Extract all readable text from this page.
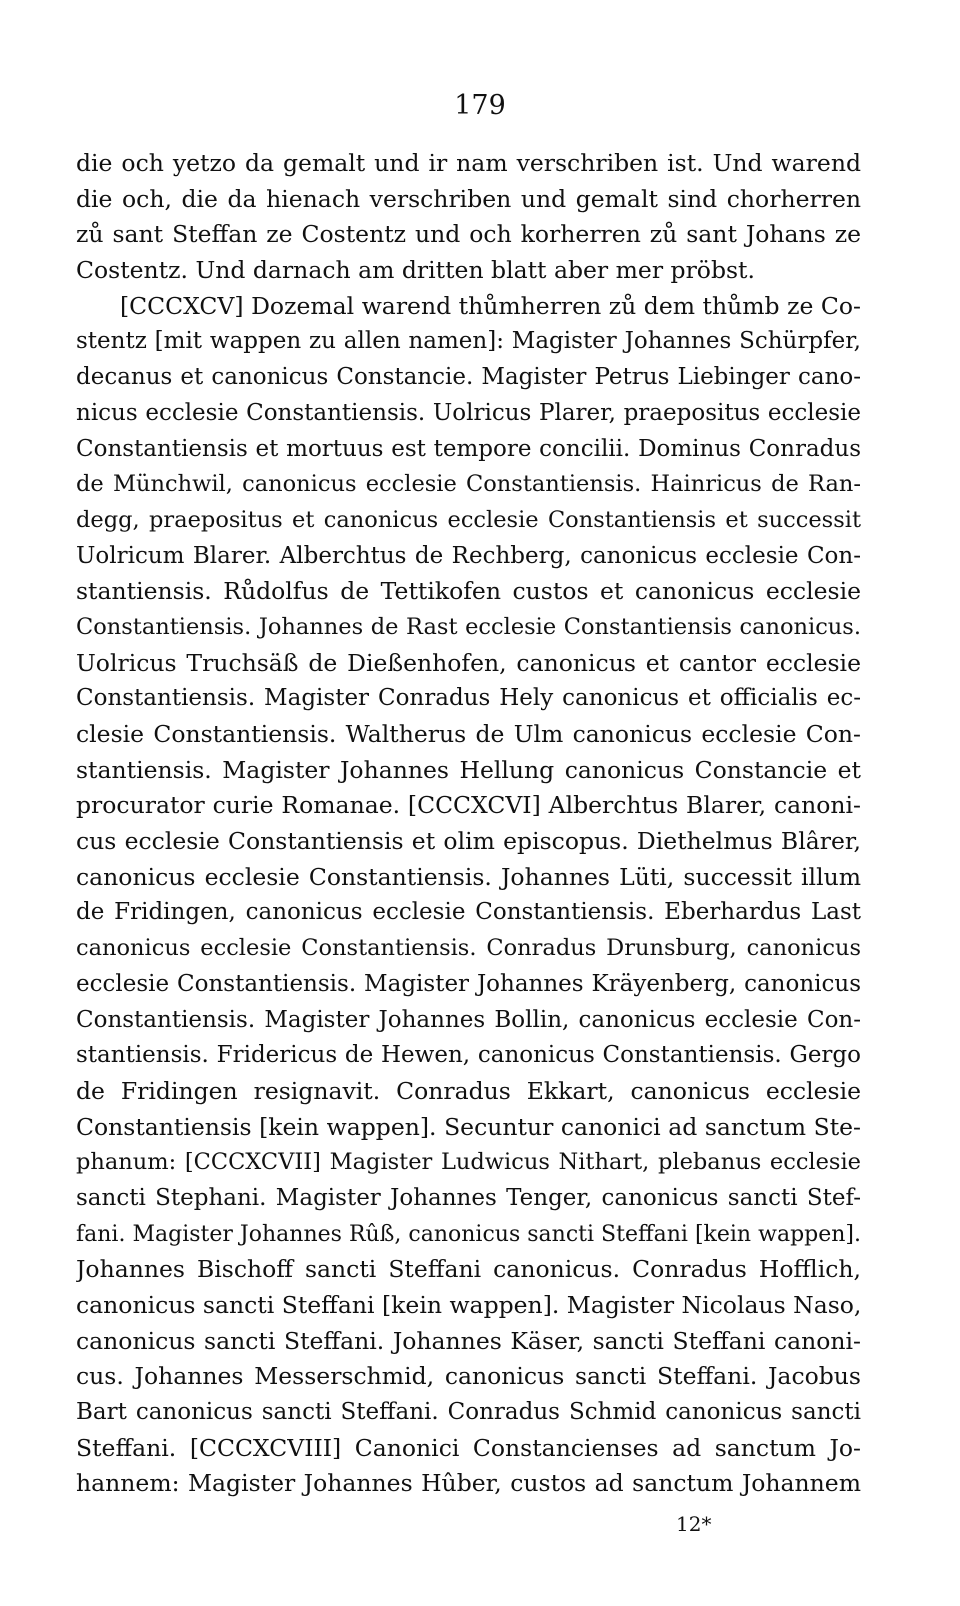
179
die och yetzo da gemalt und ir nam verschriben ist. Und warend
die och, die da hienach verschriben und gemalt sind chorherren
zů sant Steffan ze Costentz und och korherren zů sant Johans ze
Costentz. Und darnach am dritten blatt aber mer pröbst.
[CCCXCV] Dozemal warend thůmherren zů dem thůmb ze Co-
stentz [mit wappen zu allen namen]: Magister Johannes Schürpfer,
decanus et canonicus Constancie. Magister Petrus Liebinger cano-
nicus ecclesie Constantiensis. Uolricus Plarer, praepositus ecclesie
Constantiensis et mortuus est tempore concilii. Dominus Conradus
de Münchwil, canonicus ecclesie Constantiensis. Hainricus de Ran-
degg, praepositus et canonicus ecclesie Constantiensis et successit
Uolricum Blarer. Alberchtus de Rechberg, canonicus ecclesie Con-
stantiensis. Růdolfus de Tettikofen custos et canonicus ecclesie
Constantiensis. Johannes de Rast ecclesie Constantiensis canonicus.
Uolricus Truchsäß de Dießenhofen, canonicus et cantor ecclesie
Constantiensis. Magister Conradus Hely canonicus et officialis ec-
clesie Constantiensis. Waltherus de Ulm canonicus ecclesie Con-
stantiensis. Magister Johannes Hellung canonicus Constancie et
procurator curie Romanae. [CCCXCVI] Alberchtus Blarer, canoni-
cus ecclesie Constantiensis et olim episcopus. Diethelmus Blârer,
canonicus ecclesie Constantiensis. Johannes Lüti, successit illum
de Fridingen, canonicus ecclesie Constantiensis. Eberhardus Last
canonicus ecclesie Constantiensis. Conradus Drunsburg, canonicus
ecclesie Constantiensis. Magister Johannes Kräyenberg, canonicus
Constantiensis. Magister Johannes Bollin, canonicus ecclesie Con-
stantiensis. Fridericus de Hewen, canonicus Constantiensis. Gergo
de Fridingen resignavit. Conradus Ekkart, canonicus ecclesie
Constantiensis [kein wappen]. Secuntur canonici ad sanctum Ste-
phanum: [CCCXCVII] Magister Ludwicus Nithart, plebanus ecclesie
sancti Stephani. Magister Johannes Tenger, canonicus sancti Stef-
fani. Magister Johannes Rûß, canonicus sancti Steffani [kein wappen].
Johannes Bischoff sancti Steffani canonicus. Conradus Hofflich,
canonicus sancti Steffani [kein wappen]. Magister Nicolaus Naso,
canonicus sancti Steffani. Johannes Käser, sancti Steffani canoni-
cus. Johannes Messerschmid, canonicus sancti Steffani. Jacobus
Bart canonicus sancti Steffani. Conradus Schmid canonicus sancti
Steffani. [CCCXCVIII] Canonici Constancienses ad sanctum Jo-
hannem: Magister Johannes Hûber, custos ad sanctum Johannem
12*
